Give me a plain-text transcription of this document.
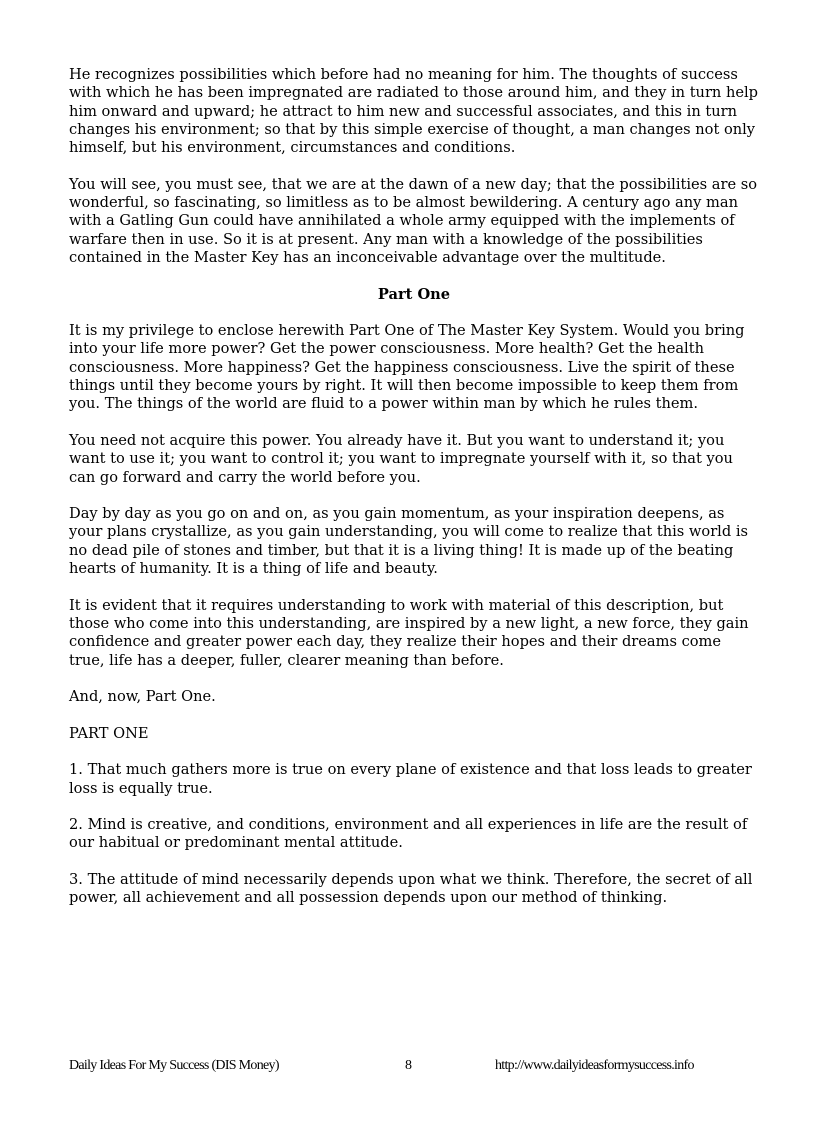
He recognizes possibilities which before had no meaning for him. The thoughts of success with which he has been impregnated are radiated to those around him, and they in turn help him onward and upward; he attract to him new and successful associates, and this in turn changes his environment; so that by this simple exercise of thought, a man changes not only himself, but his environment, circumstances and conditions.

You will see, you must see, that we are at the dawn of a new day; that the possibilities are so wonderful, so fascinating, so limitless as to be almost bewildering. A century ago any man with a Gatling Gun could have annihilated a whole army equipped with the implements of warfare then in use. So it is at present. Any man with a knowledge of the possibilities contained in the Master Key has an inconceivable advantage over the multitude.

Part One

It is my privilege to enclose herewith Part One of The Master Key System. Would you bring into your life more power? Get the power consciousness. More health? Get the health consciousness. More happiness? Get the happiness consciousness. Live the spirit of these things until they become yours by right. It will then become impossible to keep them from you. The things of the world are fluid to a power within man by which he rules them.

You need not acquire this power. You already have it. But you want to understand it; you want to use it; you want to control it; you want to impregnate yourself with it, so that you can go forward and carry the world before you.

Day by day as you go on and on, as you gain momentum, as your inspiration deepens, as your plans crystallize, as you gain understanding, you will come to realize that this world is no dead pile of stones and timber, but that it is a living thing! It is made up of the beating hearts of humanity. It is a thing of life and beauty.

It is evident that it requires understanding to work with material of this description, but those who come into this understanding, are inspired by a new light, a new force, they gain confidence and greater power each day, they realize their hopes and their dreams come true, life has a deeper, fuller, clearer meaning than before.

And, now, Part One.

PART ONE

1. That much gathers more is true on every plane of existence and that loss leads to greater loss is equally true.

2. Mind is creative, and conditions, environment and all experiences in life are the result of our habitual or predominant mental attitude.

3. The attitude of mind necessarily depends upon what we think. Therefore, the secret of all power, all achievement and all possession depends upon our method of thinking.

Daily Ideas For My Success (DIS Money)	8	http://www.dailyideasformysuccess.info
